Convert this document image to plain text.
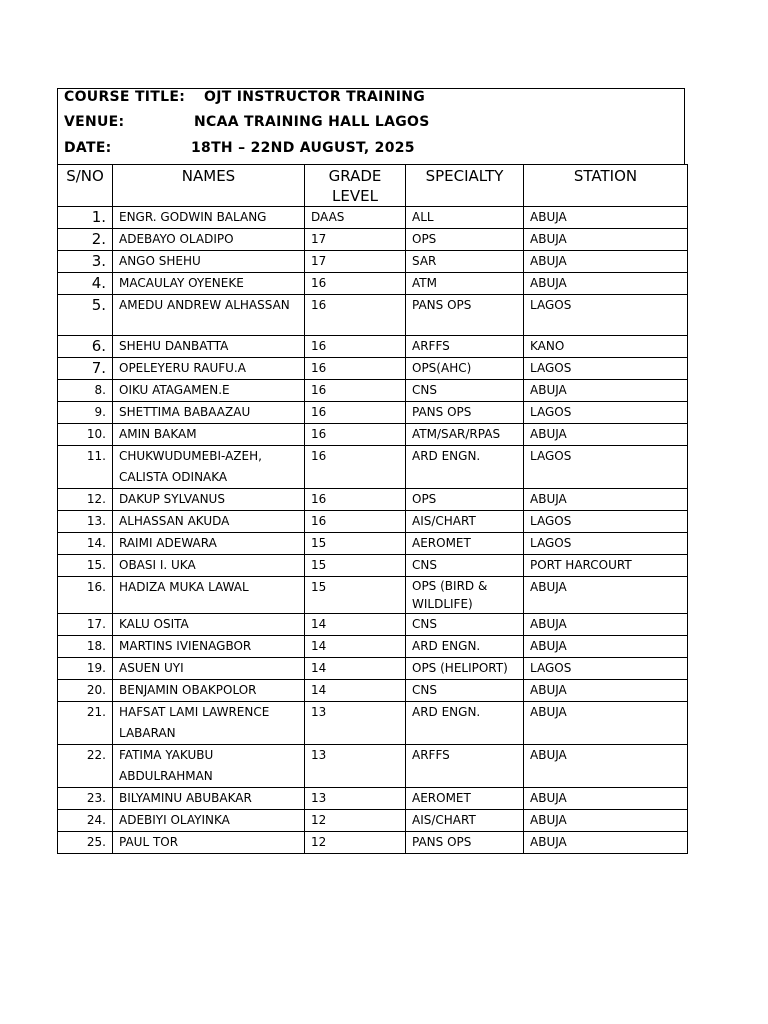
COURSE TITLE: OJT INSTRUCTOR TRAINING
VENUE:	NCAA TRAINING HALL LAGOS
DATE:	18TH – 22ND AUGUST, 2025
S/NO	NAMES	GRADE LEVEL	SPECIALTY	STATION
1.	ENGR. GODWIN BALANG	DAAS	ALL	ABUJA
2.	ADEBAYO OLADIPO	17	OPS	ABUJA
3.	ANGO SHEHU	17	SAR	ABUJA
4.	MACAULAY OYENEKE	16	ATM	ABUJA
5.	AMEDU ANDREW ALHASSAN	16	PANS OPS	LAGOS
6.	SHEHU DANBATTA	16	ARFFS	KANO
7.	OPELEYERU RAUFU.A	16	OPS(AHC)	LAGOS
8.	OIKU ATAGAMEN.E	16	CNS	ABUJA
9.	SHETTIMA BABAAZAU	16	PANS OPS	LAGOS
10.	AMIN BAKAM	16	ATM/SAR/RPAS	ABUJA
11.	CHUKWUDUMEBI-AZEH, CALISTA ODINAKA	16	ARD ENGN.	LAGOS
12.	DAKUP SYLVANUS	16	OPS	ABUJA
13.	ALHASSAN AKUDA	16	AIS/CHART	LAGOS
14.	RAIMI ADEWARA	15	AEROMET	LAGOS
15.	OBASI I. UKA	15	CNS	PORT HARCOURT
16.	HADIZA MUKA LAWAL	15	OPS (BIRD & WILDLIFE)	ABUJA
17.	KALU OSITA	14	CNS	ABUJA
18.	MARTINS IVIENAGBOR	14	ARD ENGN.	ABUJA
19.	ASUEN UYI	14	OPS (HELIPORT)	LAGOS
20.	BENJAMIN OBAKPOLOR	14	CNS	ABUJA
21.	HAFSAT LAMI LAWRENCE LABARAN	13	ARD ENGN.	ABUJA
22.	FATIMA YAKUBU ABDULRAHMAN	13	ARFFS	ABUJA
23.	BILYAMINU ABUBAKAR	13	AEROMET	ABUJA
24.	ADEBIYI OLAYINKA	12	AIS/CHART	ABUJA
25.	PAUL TOR	12	PANS OPS	ABUJA
